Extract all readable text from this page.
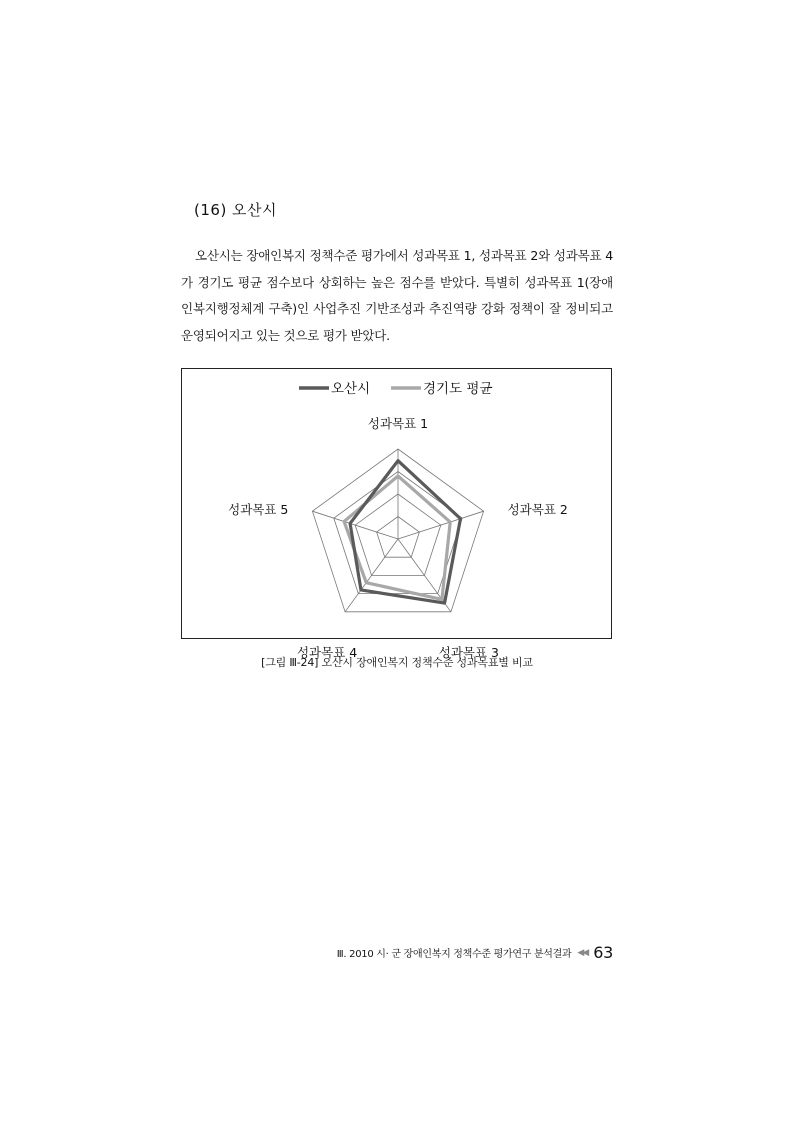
(16) 오산시

오산시는 장애인복지 정책수준 평가에서 성과목표 1, 성과목표 2와 성과목표 4가 경기도 평균 점수보다 상회하는 높은 점수를 받았다. 특별히 성과목표 1(장애인복지행정체계 구축)인 사업추진 기반조성과 추진역량 강화 정책이 잘 정비되고 운영되어지고 있는 것으로 평가 받았다.

오산시	경기도 평균
성과목표 1
성과목표 2
성과목표 3
성과목표 4
성과목표 5
[그림 Ⅲ-24] 오산시 장애인복지 정책수준 성과목표별 비교
Ⅲ. 2010 시· 군 장애인복지 정책수준 평가연구 분석결과 ◀◀ 63
